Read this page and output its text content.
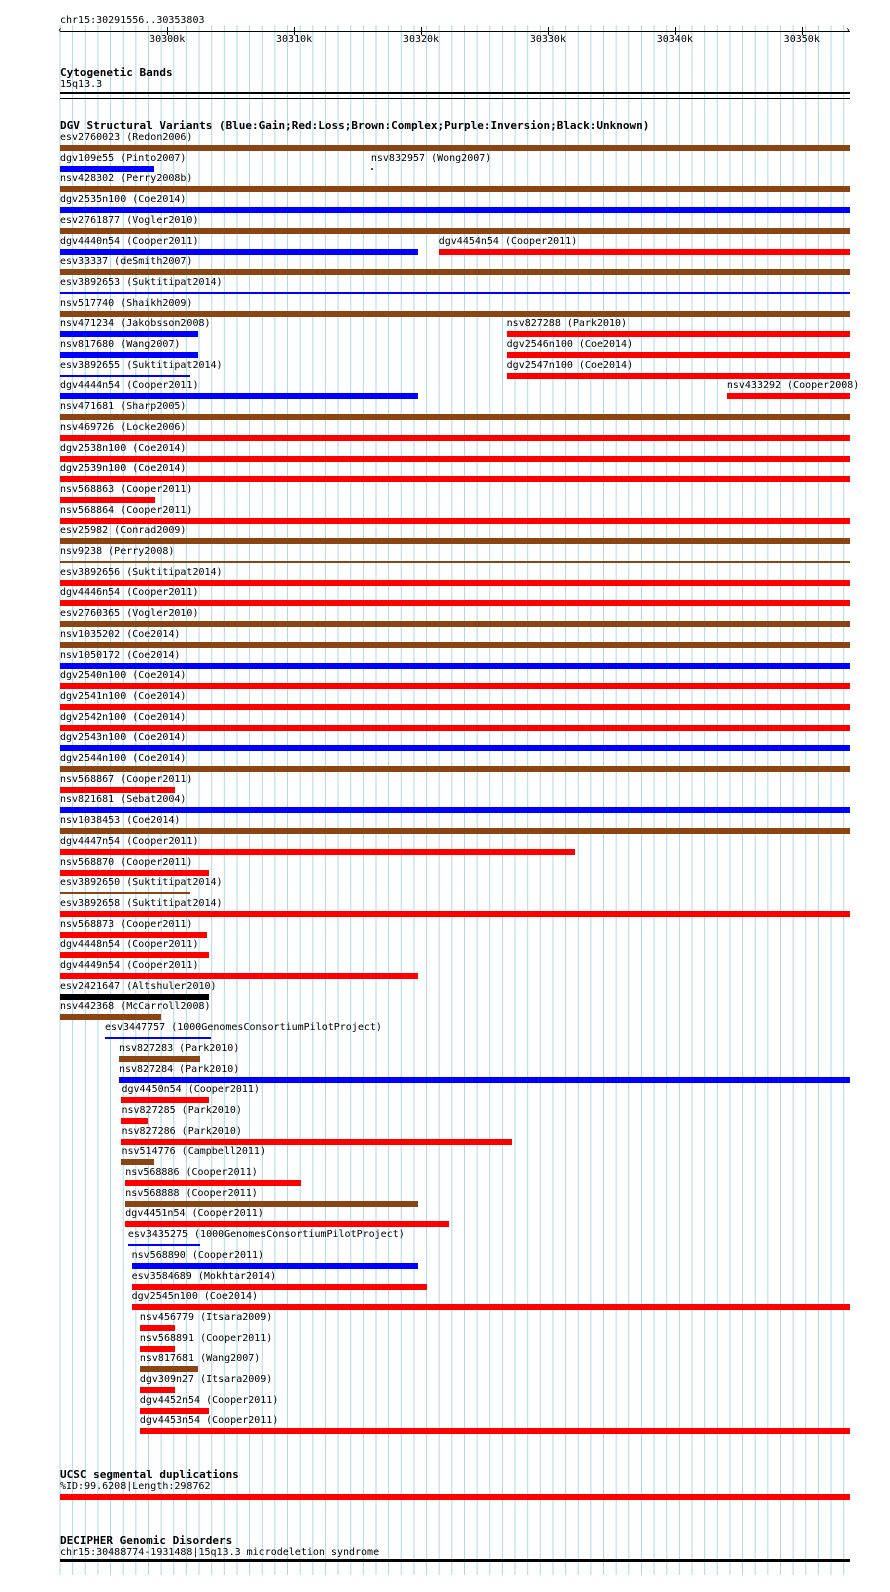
chr15:30291556..30353803
‹	›
30300k	30310k	30320k	30330k	30340k	30350k
Cytogenetic Bands
15q13.3
DGV Structural Variants (Blue:Gain;Red:Loss;Brown:Complex;Purple:Inversion;Black:Unknown)
esv2760023 (Redon2006)
dgv109e55 (Pinto2007)	nsv832957 (Wong2007)
nsv428302 (Perry2008b)
dgv2535n100 (Coe2014)
esv2761877 (Vogler2010)
dgv4440n54 (Cooper2011)	dgv4454n54 (Cooper2011)
esv33337 (deSmith2007)
esv3892653 (Suktitipat2014)
nsv517740 (Shaikh2009)
nsv471234 (Jakobsson2008)	nsv827288 (Park2010)
nsv817680 (Wang2007)	dgv2546n100 (Coe2014)
esv3892655 (Suktitipat2014)	dgv2547n100 (Coe2014)
dgv4444n54 (Cooper2011)	nsv433292 (Cooper2008)
nsv471681 (Sharp2005)
nsv469726 (Locke2006)
dgv2538n100 (Coe2014)
dgv2539n100 (Coe2014)
nsv568863 (Cooper2011)
nsv568864 (Cooper2011)
esv25982 (Conrad2009)
nsv9238 (Perry2008)
esv3892656 (Suktitipat2014)
dgv4446n54 (Cooper2011)
esv2760365 (Vogler2010)
nsv1035202 (Coe2014)
nsv1050172 (Coe2014)
dgv2540n100 (Coe2014)
dgv2541n100 (Coe2014)
dgv2542n100 (Coe2014)
dgv2543n100 (Coe2014)
dgv2544n100 (Coe2014)
nsv568867 (Cooper2011)
nsv821681 (Sebat2004)
nsv1038453 (Coe2014)
dgv4447n54 (Cooper2011)
nsv568870 (Cooper2011)
esv3892650 (Suktitipat2014)
esv3892658 (Suktitipat2014)
nsv568873 (Cooper2011)
dgv4448n54 (Cooper2011)
dgv4449n54 (Cooper2011)
esv2421647 (Altshuler2010)
nsv442368 (McCarroll2008)
esv3447757 (1000GenomesConsortiumPilotProject)
nsv827283 (Park2010)
nsv827284 (Park2010)
dgv4450n54 (Cooper2011)
nsv827285 (Park2010)
nsv827286 (Park2010)
nsv514776 (Campbell2011)
nsv568886 (Cooper2011)
nsv568888 (Cooper2011)
dgv4451n54 (Cooper2011)
esv3435275 (1000GenomesConsortiumPilotProject)
nsv568890 (Cooper2011)
esv3584689 (Mokhtar2014)
dgv2545n100 (Coe2014)
nsv456779 (Itsara2009)
nsv568891 (Cooper2011)
nsv817681 (Wang2007)
dgv309n27 (Itsara2009)
dgv4452n54 (Cooper2011)
dgv4453n54 (Cooper2011)
UCSC segmental duplications
%ID:99.6208|Length:298762
DECIPHER Genomic Disorders
chr15:30488774-1931488|15q13.3 microdeletion syndrome
